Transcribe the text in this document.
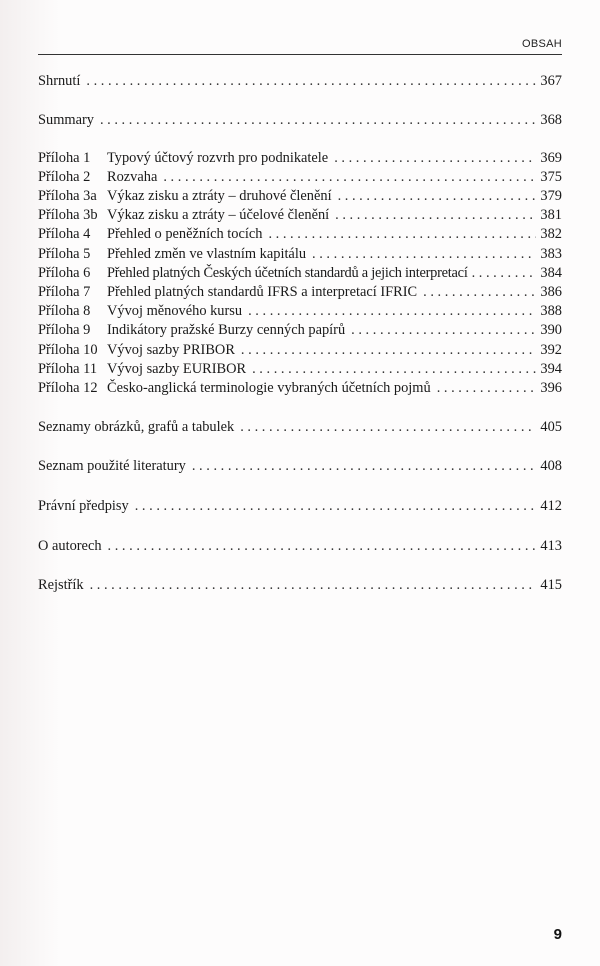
OBSAH
Shrnutí . . .	367
Summary . . .	368
Příloha 1	Typový účtový rozvrh pro podnikatele . . .	369
Příloha 2	Rozvaha . . .	375
Příloha 3a Výkaz zisku a ztráty – druhové členění . . .	379
Příloha 3b Výkaz zisku a ztráty – účelové členění . . .	381
Příloha 4	Přehled o peněžních tocích . . .	382
Příloha 5	Přehled změn ve vlastním kapitálu . . .	383
Příloha 6	Přehled platných Českých účetních standardů a jejich interpretací . . .	384
Příloha 7	Přehled platných standardů IFRS a interpretací IFRIC . . .	386
Příloha 8	Vývoj měnového kursu . . .	388
Příloha 9	Indikátory pražské Burzy cenných papírů . . .	390
Příloha 10 Vývoj sazby PRIBOR . . .	392
Příloha 11 Vývoj sazby EURIBOR . . .	394
Příloha 12 Česko-anglická terminologie vybraných účetních pojmů . . .	396
Seznamy obrázků, grafů a tabulek . . .	405
Seznam použité literatury . . .	408
Právní předpisy . . .	412
O autorech . . .	413
Rejstřík . . .	415
9
